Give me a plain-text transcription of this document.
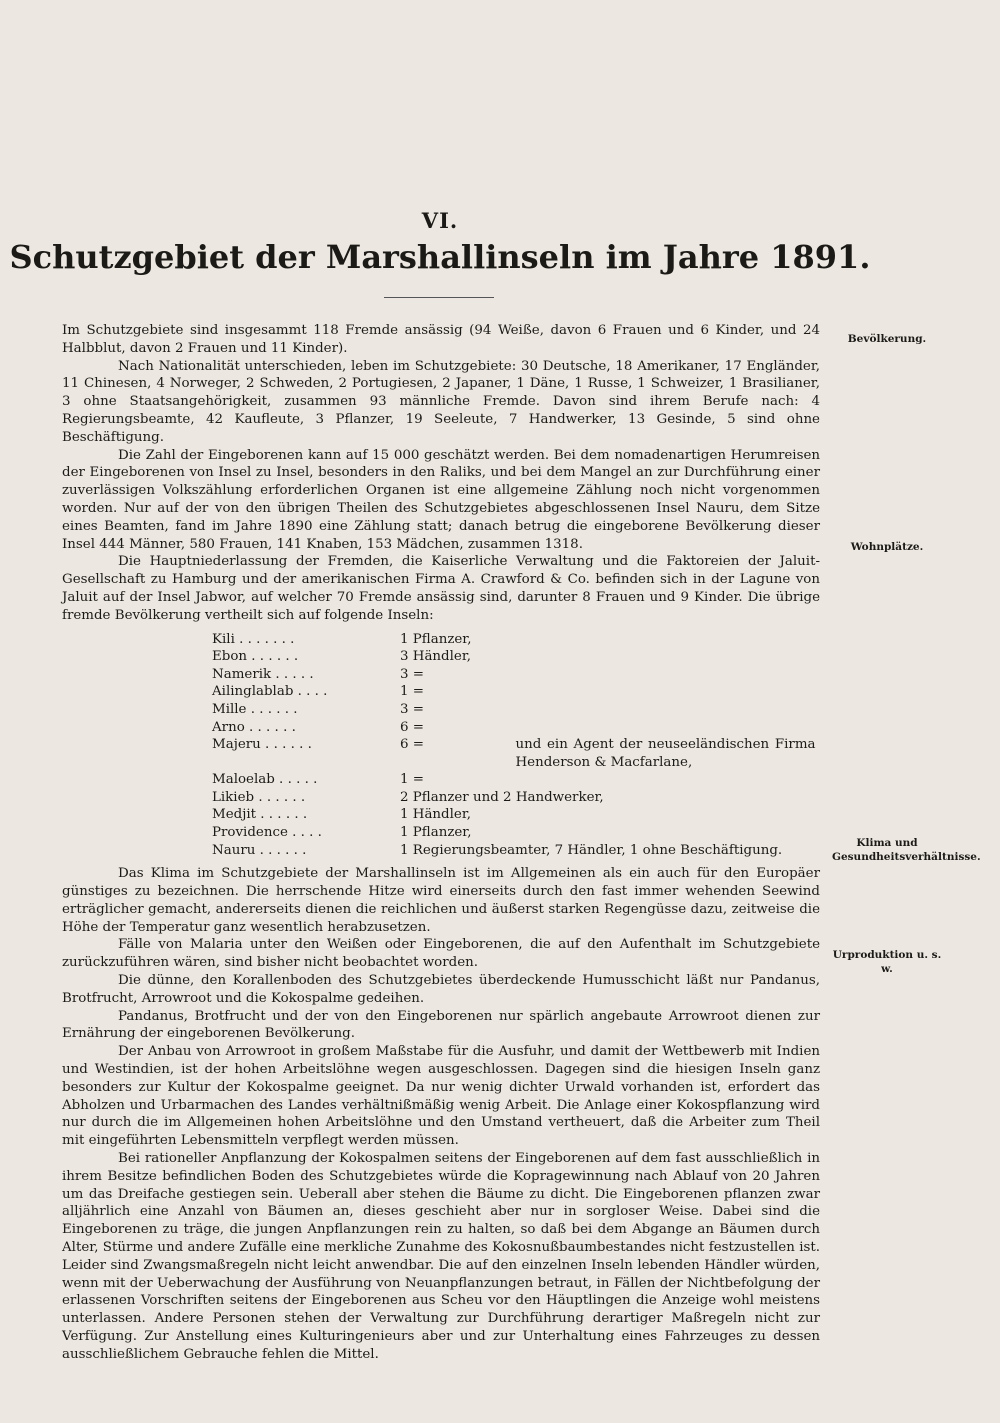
VI.
Schutzgebiet der Marshallinseln im Jahre 1891.
Bevölkerung.
Wohnplätze.
Klima und Gesundheitsverhältnisse.
Urproduktion u. s. w.

Im Schutzgebiete sind insgesammt 118 Fremde ansässig (94 Weiße, davon 6 Frauen und 6 Kinder, und 24 Halbblut, davon 2 Frauen und 11 Kinder).

Nach Nationalität unterschieden, leben im Schutzgebiete: 30 Deutsche, 18 Amerikaner, 17 Engländer, 11 Chinesen, 4 Norweger, 2 Schweden, 2 Portugiesen, 2 Japaner, 1 Däne, 1 Russe, 1 Schweizer, 1 Brasilianer, 3 ohne Staatsangehörigkeit, zusammen 93 männliche Fremde. Davon sind ihrem Berufe nach: 4 Regierungsbeamte, 42 Kaufleute, 3 Pflanzer, 19 Seeleute, 7 Handwerker, 13 Gesinde, 5 sind ohne Beschäftigung.

Die Zahl der Eingeborenen kann auf 15 000 geschätzt werden. Bei dem nomadenartigen Herumreisen der Eingeborenen von Insel zu Insel, besonders in den Raliks, und bei dem Mangel an zur Durchführung einer zuverlässigen Volkszählung erforderlichen Organen ist eine allgemeine Zählung noch nicht vorgenommen worden. Nur auf der von den übrigen Theilen des Schutzgebietes abgeschlossenen Insel Nauru, dem Sitze eines Beamten, fand im Jahre 1890 eine Zählung statt; danach betrug die eingeborene Bevölkerung dieser Insel 444 Männer, 580 Frauen, 141 Knaben, 153 Mädchen, zusammen 1318.

Die Hauptniederlassung der Fremden, die Kaiserliche Verwaltung und die Faktoreien der Jaluit-Gesellschaft zu Hamburg und der amerikanischen Firma A. Crawford & Co. befinden sich in der Lagune von Jaluit auf der Insel Jabwor, auf welcher 70 Fremde ansässig sind, darunter 8 Frauen und 9 Kinder. Die übrige fremde Bevölkerung vertheilt sich auf folgende Inseln:

Kili . . . . . . .	1 Pflanzer,	
Ebon . . . . . .	3 Händler,	
Namerik . . . . .	3 =	
Ailinglablab . . . .	1 =	
Mille . . . . . .	3 =	
Arno . . . . . .	6 =	
Majeru . . . . . .	6 =	und ein Agent der neuseeländischen Firma Henderson & Macfarlane,
Maloelab . . . . .	1 =	
Likieb . . . . . .	2 Pflanzer und 2 Handwerker,	
Medjit . . . . . .	1 Händler,	
Providence . . . .	1 Pflanzer,	
Nauru . . . . . .	1 Regierungsbeamter, 7 Händler, 1 ohne Beschäftigung.	

Das Klima im Schutzgebiete der Marshallinseln ist im Allgemeinen als ein auch für den Europäer günstiges zu bezeichnen. Die herrschende Hitze wird einerseits durch den fast immer wehenden Seewind erträglicher gemacht, andererseits dienen die reichlichen und äußerst starken Regengüsse dazu, zeitweise die Höhe der Temperatur ganz wesentlich herabzusetzen.

Fälle von Malaria unter den Weißen oder Eingeborenen, die auf den Aufenthalt im Schutzgebiete zurückzuführen wären, sind bisher nicht beobachtet worden.

Die dünne, den Korallenboden des Schutzgebietes überdeckende Humusschicht läßt nur Pandanus, Brotfrucht, Arrowroot und die Kokospalme gedeihen.

Pandanus, Brotfrucht und der von den Eingeborenen nur spärlich angebaute Arrowroot dienen zur Ernährung der eingeborenen Bevölkerung.

Der Anbau von Arrowroot in großem Maßstabe für die Ausfuhr, und damit der Wettbewerb mit Indien und Westindien, ist der hohen Arbeitslöhne wegen ausgeschlossen. Dagegen sind die hiesigen Inseln ganz besonders zur Kultur der Kokospalme geeignet. Da nur wenig dichter Urwald vorhanden ist, erfordert das Abholzen und Urbarmachen des Landes verhältnißmäßig wenig Arbeit. Die Anlage einer Kokospflanzung wird nur durch die im Allgemeinen hohen Arbeitslöhne und den Umstand vertheuert, daß die Arbeiter zum Theil mit eingeführten Lebensmitteln verpflegt werden müssen.

Bei rationeller Anpflanzung der Kokospalmen seitens der Eingeborenen auf dem fast ausschließlich in ihrem Besitze befindlichen Boden des Schutzgebietes würde die Kopragewinnung nach Ablauf von 20 Jahren um das Dreifache gestiegen sein. Ueberall aber stehen die Bäume zu dicht. Die Eingeborenen pflanzen zwar alljährlich eine Anzahl von Bäumen an, dieses geschieht aber nur in sorgloser Weise. Dabei sind die Eingeborenen zu träge, die jungen Anpflanzungen rein zu halten, so daß bei dem Abgange an Bäumen durch Alter, Stürme und andere Zufälle eine merkliche Zunahme des Kokosnußbaumbestandes nicht festzustellen ist. Leider sind Zwangsmaßregeln nicht leicht anwendbar. Die auf den einzelnen Inseln lebenden Händler würden, wenn mit der Ueberwachung der Ausführung von Neuanpflanzungen betraut, in Fällen der Nichtbefolgung der erlassenen Vorschriften seitens der Eingeborenen aus Scheu vor den Häuptlingen die Anzeige wohl meistens unterlassen. Andere Personen stehen der Verwaltung zur Durchführung derartiger Maßregeln nicht zur Verfügung. Zur Anstellung eines Kulturingenieurs aber und zur Unterhaltung eines Fahrzeuges zu dessen ausschließlichem Gebrauche fehlen die Mittel.
